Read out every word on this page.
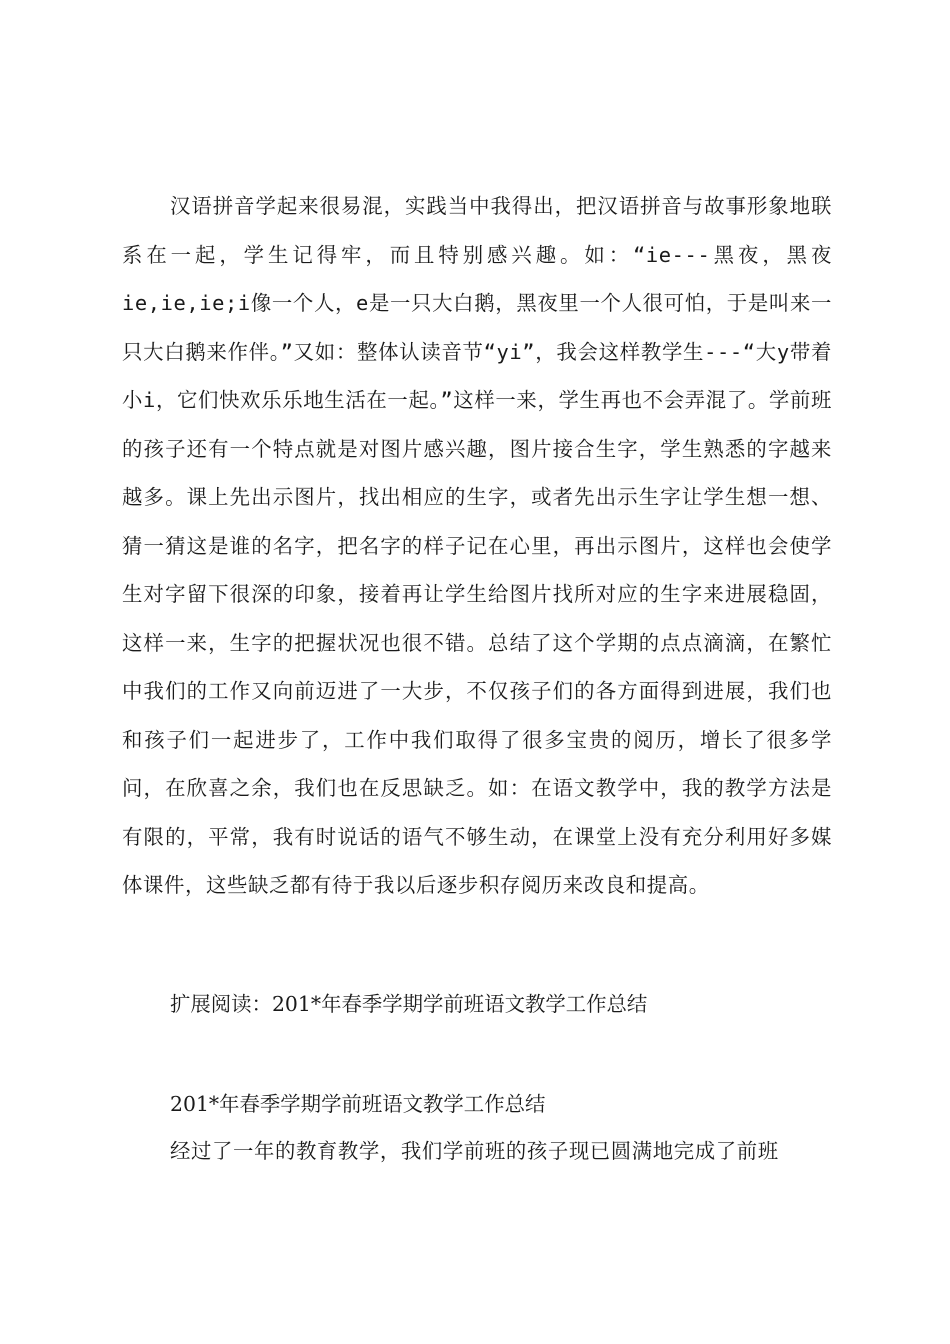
汉语拼音学起来很易混，实践当中我得出，把汉语拼音与故事形象地联系在一起，学生记得牢，而且特别感兴趣。如：“ie---黑夜，黑夜ie,ie,ie;i像一个人，e是一只大白鹅，黑夜里一个人很可怕，于是叫来一只大白鹅来作伴。”又如：整体认读音节“yi”，我会这样教学生---“大y带着小i，它们快欢乐乐地生活在一起。”这样一来，学生再也不会弄混了。学前班的孩子还有一个特点就是对图片感兴趣，图片接合生字，学生熟悉的字越来越多。课上先出示图片，找出相应的生字，或者先出示生字让学生想一想、猜一猜这是谁的名字，把名字的样子记在心里，再出示图片，这样也会使学生对字留下很深的印象，接着再让学生给图片找所对应的生字来进展稳固，这样一来，生字的把握状况也很不错。总结了这个学期的点点滴滴，在繁忙中我们的工作又向前迈进了一大步，不仅孩子们的各方面得到进展，我们也和孩子们一起进步了，工作中我们取得了很多宝贵的阅历，增长了很多学问，在欣喜之余，我们也在反思缺乏。如：在语文教学中，我的教学方法是有限的，平常，我有时说话的语气不够生动，在课堂上没有充分利用好多媒体课件，这些缺乏都有待于我以后逐步积存阅历来改良和提高。

扩展阅读：201*年春季学期学前班语文教学工作总结

201*年春季学期学前班语文教学工作总结

经过了一年的教育教学，我们学前班的孩子现已圆满地完成了前班
